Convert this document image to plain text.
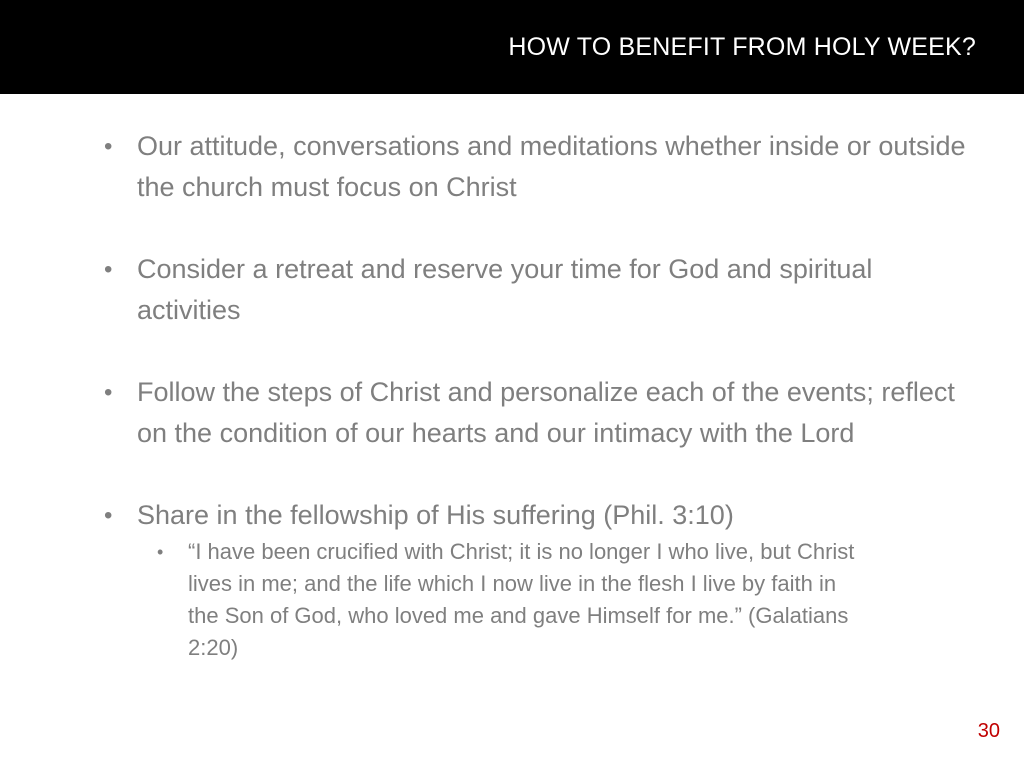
HOW TO BENEFIT FROM HOLY WEEK?
• Our attitude, conversations and meditations whether inside or outside the church must focus on Christ
• Consider a retreat and reserve your time for God and spiritual activities
• Follow the steps of Christ and personalize each of the events; reflect on the condition of our hearts and our intimacy with the Lord
• Share in the fellowship of His suffering (Phil. 3:10)
• “I have been crucified with Christ; it is no longer I who live, but Christ lives in me; and the life which I now live in the flesh I live by faith in the Son of God, who loved me and gave Himself for me.” (Galatians 2:20)
30
